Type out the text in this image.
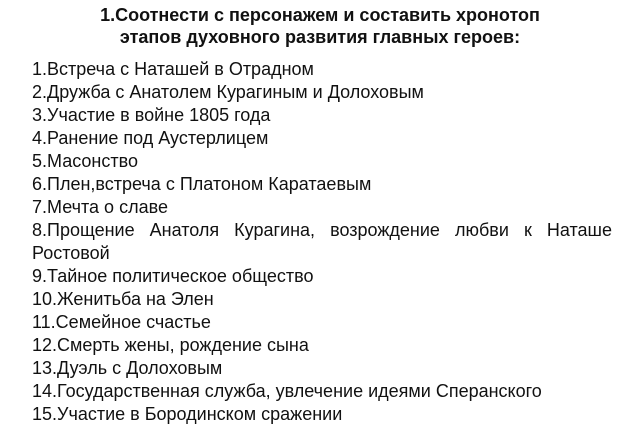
1.Соотнести с персонажем и составить хронотоп
этапов духовного развития главных героев:
1.Встреча с Наташей в Отрадном
2.Дружба с Анатолем Курагиным и Долоховым
3.Участие в войне 1805 года
4.Ранение под Аустерлицем
5.Масонство
6.Плен,встреча с Платоном Каратаевым
7.Мечта о славе
8.Прощение Анатоля Курагина, возрождение любви к Наташе Ростовой
9.Тайное политическое общество
10.Женитьба на Элен
11.Семейное счастье
12.Смерть жены, рождение сына
13.Дуэль с Долоховым
14.Государственная служба, увлечение идеями Сперанского
15.Участие в Бородинском сражении
